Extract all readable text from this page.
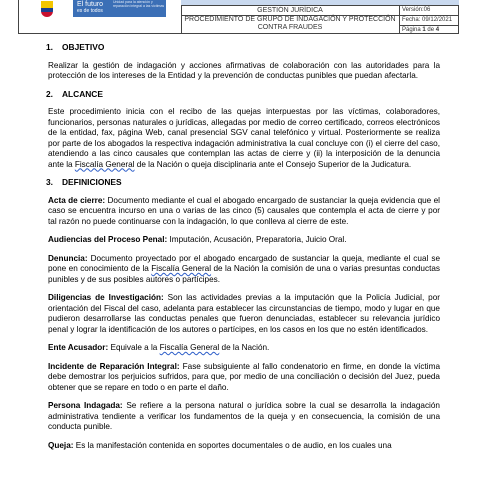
El futuro
es de todos
Unidad para la atención y reparación integral a las víctimas
GESTIÓN JURÍDICA
PROCEDIMIENTO DE GRUPO DE INDAGACIÓN Y PROTECCIÓN CONTRA FRAUDES
Versión:06
Fecha: 09/12/2021
Página 1 de 4
1. OBJETIVO

Realizar la gestión de indagación y acciones afirmativas de colaboración con las autoridades para la protección de los intereses de la Entidad y la prevención de conductas punibles que puedan afectarla.

2. ALCANCE

Este procedimiento inicia con el recibo de las quejas interpuestas por las víctimas, colaboradores, funcionarios, personas naturales o jurídicas, allegadas por medio de correo certificado, correos electrónicos de la entidad, fax, página Web, canal presencial SGV canal telefónico y virtual. Posteriormente se realiza por parte de los abogados la respectiva indagación administrativa la cual concluye con (i) el cierre del caso, atendiendo a las cinco causales que contemplan las actas de cierre y (ii) la interposición de la denuncia ante la Fiscalía General de la Nación o queja disciplinaria ante el Consejo Superior de la Judicatura.

3. DEFINICIONES
Acta de cierre: Documento mediante el cual el abogado encargado de sustanciar la queja evidencia que el caso se encuentra incurso en una o varias de las cinco (5) causales que contempla el acta de cierre y por tal razón no puede continuarse con la indagación, lo que conlleva al cierre de este.
Audiencias del Proceso Penal: Imputación, Acusación, Preparatoria, Juicio Oral.
Denuncia: Documento proyectado por el abogado encargado de sustanciar la queja, mediante el cual se pone en conocimiento de la Fiscalía General de la Nación la comisión de una o varias presuntas conductas punibles y de sus posibles autores o partícipes.
Diligencias de Investigación: Son las actividades previas a la imputación que la Policía Judicial, por orientación del Fiscal del caso, adelanta para establecer las circunstancias de tiempo, modo y lugar en que pudieron desarrollarse las conductas penales que fueron denunciadas, establecer su relevancia jurídico penal y lograr la identificación de los autores o partícipes, en los casos en los que no estén identificados.
Ente Acusador: Equivale a la Fiscalía General de la Nación.
Incidente de Reparación Integral: Fase subsiguiente al fallo condenatorio en firme, en donde la víctima debe demostrar los perjuicios sufridos, para que, por medio de una conciliación o decisión del Juez, pueda obtener que se repare en todo o en parte el daño.
Persona Indagada: Se refiere a la persona natural o jurídica sobre la cual se desarrolla la indagación administrativa tendiente a verificar los fundamentos de la queja y en consecuencia, la comisión de una conducta punible.
Queja: Es la manifestación contenida en soportes documentales o de audio, en los cuales una
